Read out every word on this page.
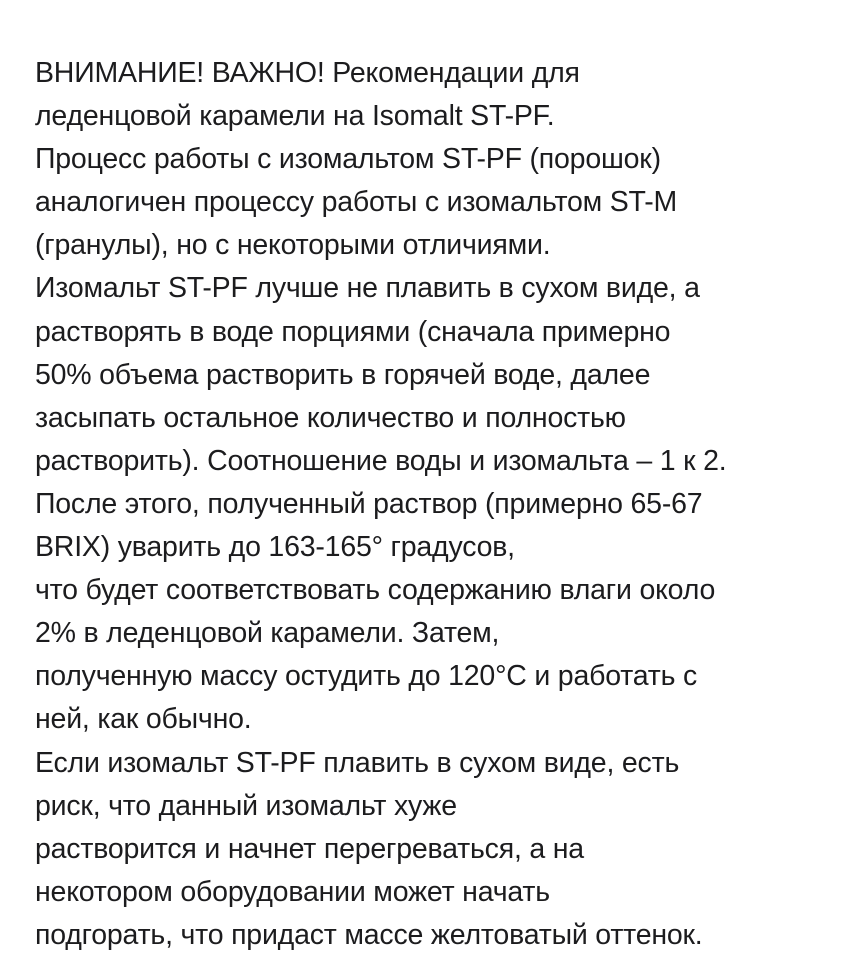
ВНИМАНИЕ! ВАЖНО! Рекомендации для
леденцовой карамели на Isomalt ST-PF.
Процесс работы с изомальтом ST-PF (порошок)
аналогичен процессу работы с изомальтом ST-M
(гранулы), но с некоторыми отличиями.
Изомальт ST-PF лучше не плавить в сухом виде, а
растворять в воде порциями (сначала примерно
50% объема растворить в горячей воде, далее
засыпать остальное количество и полностью
растворить). Соотношение воды и изомальта – 1 к 2.
После этого, полученный раствор (примерно 65-67
BRIX) уварить до 163-165° градусов,
что будет соответствовать содержанию влаги около
2% в леденцовой карамели. Затем,
полученную массу остудить до 120°C и работать с
ней, как обычно.
Если изомальт ST-PF плавить в сухом виде, есть
риск, что данный изомальт хуже
растворится и начнет перегреваться, а на
некотором оборудовании может начать
подгорать, что придаст массе желтоватый оттенок.
